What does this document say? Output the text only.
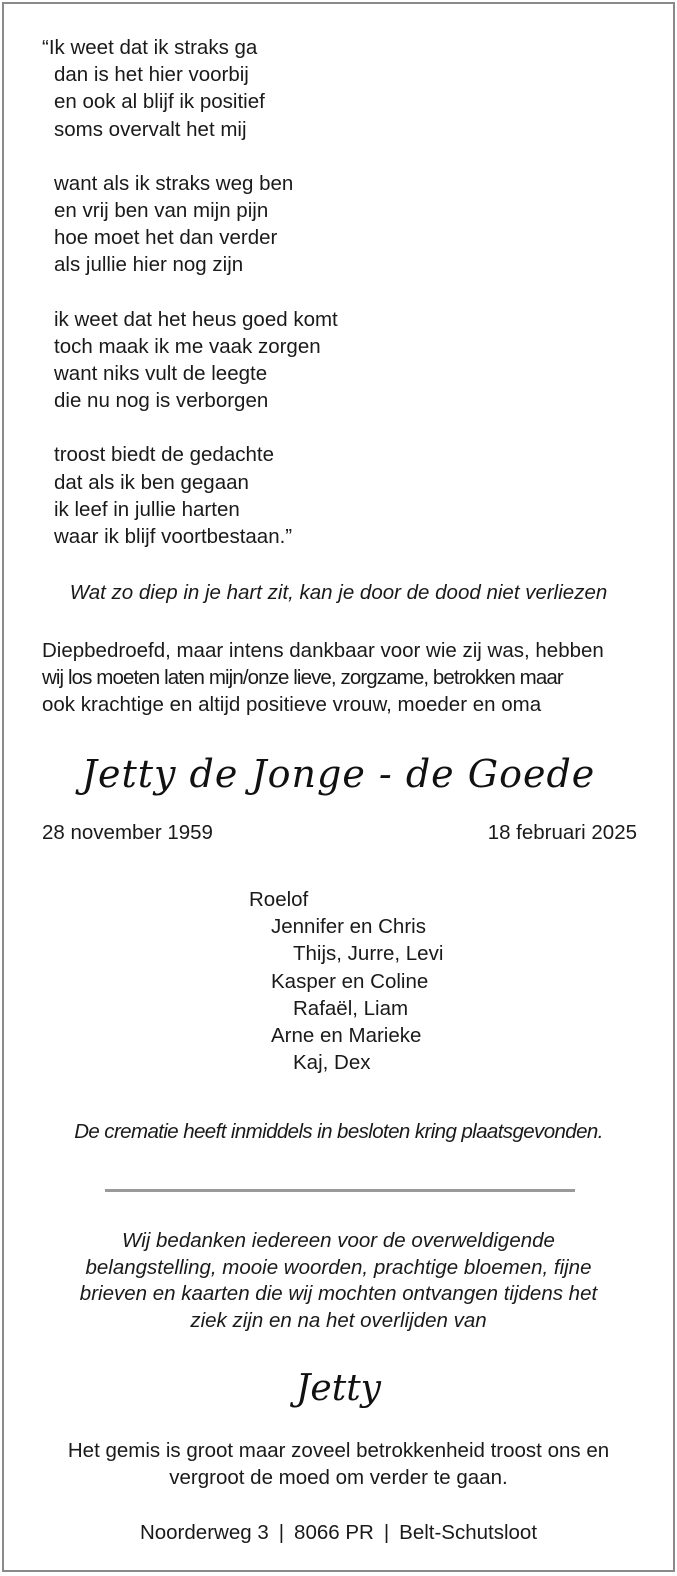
“Ik weet dat ik straks ga
dan is het hier voorbij
en ook al blijf ik positief
soms overvalt het mij
want als ik straks weg ben
en vrij ben van mijn pijn
hoe moet het dan verder
als jullie hier nog zijn
ik weet dat het heus goed komt
toch maak ik me vaak zorgen
want niks vult de leegte
die nu nog is verborgen
troost biedt de gedachte
dat als ik ben gegaan
ik leef in jullie harten
waar ik blijf voortbestaan.”
Wat zo diep in je hart zit, kan je door de dood niet verliezen
Diepbedroefd, maar intens dankbaar voor wie zij was, hebben
wij los moeten laten mijn/onze lieve, zorgzame, betrokken maar
ook krachtige en altijd positieve vrouw, moeder en oma
Jetty de Jonge - de Goede
28 november 1959	18 februari 2025
Roelof
Jennifer en Chris
Thijs, Jurre, Levi
Kasper en Coline
Rafaël, Liam
Arne en Marieke
Kaj, Dex
De crematie heeft inmiddels in besloten kring plaatsgevonden.
Wij bedanken iedereen voor de overweldigende
belangstelling, mooie woorden, prachtige bloemen, fijne
brieven en kaarten die wij mochten ontvangen tijdens het
ziek zijn en na het overlijden van
Jetty
Het gemis is groot maar zoveel betrokkenheid troost ons en
vergroot de moed om verder te gaan.
Noorderweg 3 | 8066 PR | Belt-Schutsloot
